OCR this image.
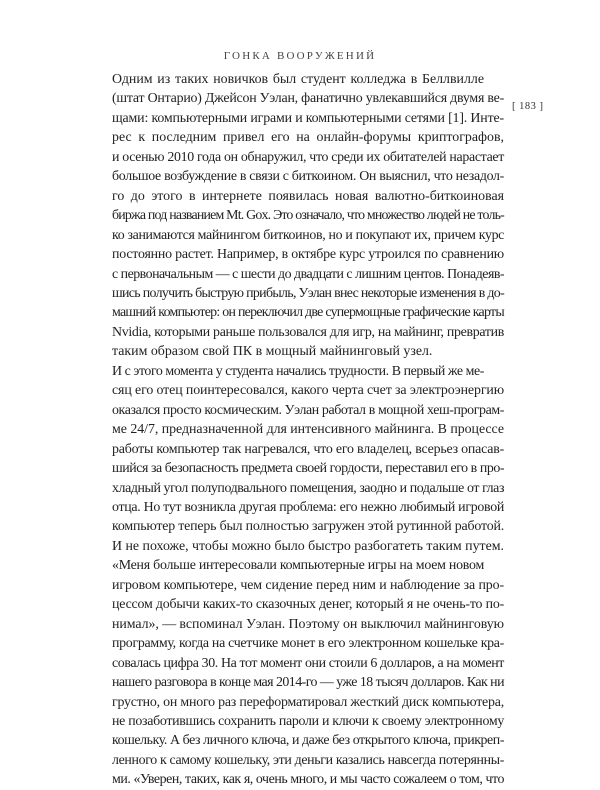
ГОНКА ВООРУЖЕНИЙ
[ 183 ]

Одним из таких новичков был студент колледжа в Беллвилле
(штат Онтарио) Джейсон Уэлан, фанатично увлекавшийся двумя ве-
щами: компьютерными играми и компьютерными сетями [1]. Инте-
рес к последним привел его на онлайн-форумы криптографов,
и осенью 2010 года он обнаружил, что среди их обитателей нарастает
большое возбуждение в связи с биткоином. Он выяснил, что незадол-
го до этого в интернете появилась новая валютно-биткоиновая
биржа под названием Mt. Gox. Это означало, что множество людей не толь-
ко занимаются майнингом биткоинов, но и покупают их, причем курс
постоянно растет. Например, в октябре курс утроился по сравнению
с первоначальным — с шести до двадцати с лишним центов. Понадеяв-
шись получить быструю прибыль, Уэлан внес некоторые изменения в до-
машний компьютер: он переключил две супермощные графические карты
Nvidia, которыми раньше пользовался для игр, на майнинг, превратив
таким образом свой ПК в мощный майнинговый узел.

И с этого момента у студента начались трудности. В первый же ме-
сяц его отец поинтересовался, какого черта счет за электроэнергию
оказался просто космическим. Уэлан работал в мощной хеш-програм-
ме 24/7, предназначенной для интенсивного майнинга. В процессе
работы компьютер так нагревался, что его владелец, всерьез опасав-
шийся за безопасность предмета своей гордости, переставил его в про-
хладный угол полуподвального помещения, заодно и подальше от глаз
отца. Но тут возникла другая проблема: его нежно любимый игровой
компьютер теперь был полностью загружен этой рутинной работой.
И не похоже, чтобы можно было быстро разбогатеть таким путем.

«Меня больше интересовали компьютерные игры на моем новом
игровом компьютере, чем сидение перед ним и наблюдение за про-
цессом добычи каких-то сказочных денег, который я не очень-то по-
нимал», — вспоминал Уэлан. Поэтому он выключил майнинговую
программу, когда на счетчике монет в его электронном кошельке кра-
совалась цифра 30. На тот момент они стоили 6 долларов, а на момент
нашего разговора в конце мая 2014-го — уже 18 тысяч долларов. Как ни
грустно, он много раз переформатировал жесткий диск компьютера,
не позаботившись сохранить пароли и ключи к своему электронному
кошельку. А без личного ключа, и даже без открытого ключа, прикреп-
ленного к самому кошельку, эти деньги казались навсегда потерянны-
ми. «Уверен, таких, как я, очень много, и мы часто сожалеем о том, что
